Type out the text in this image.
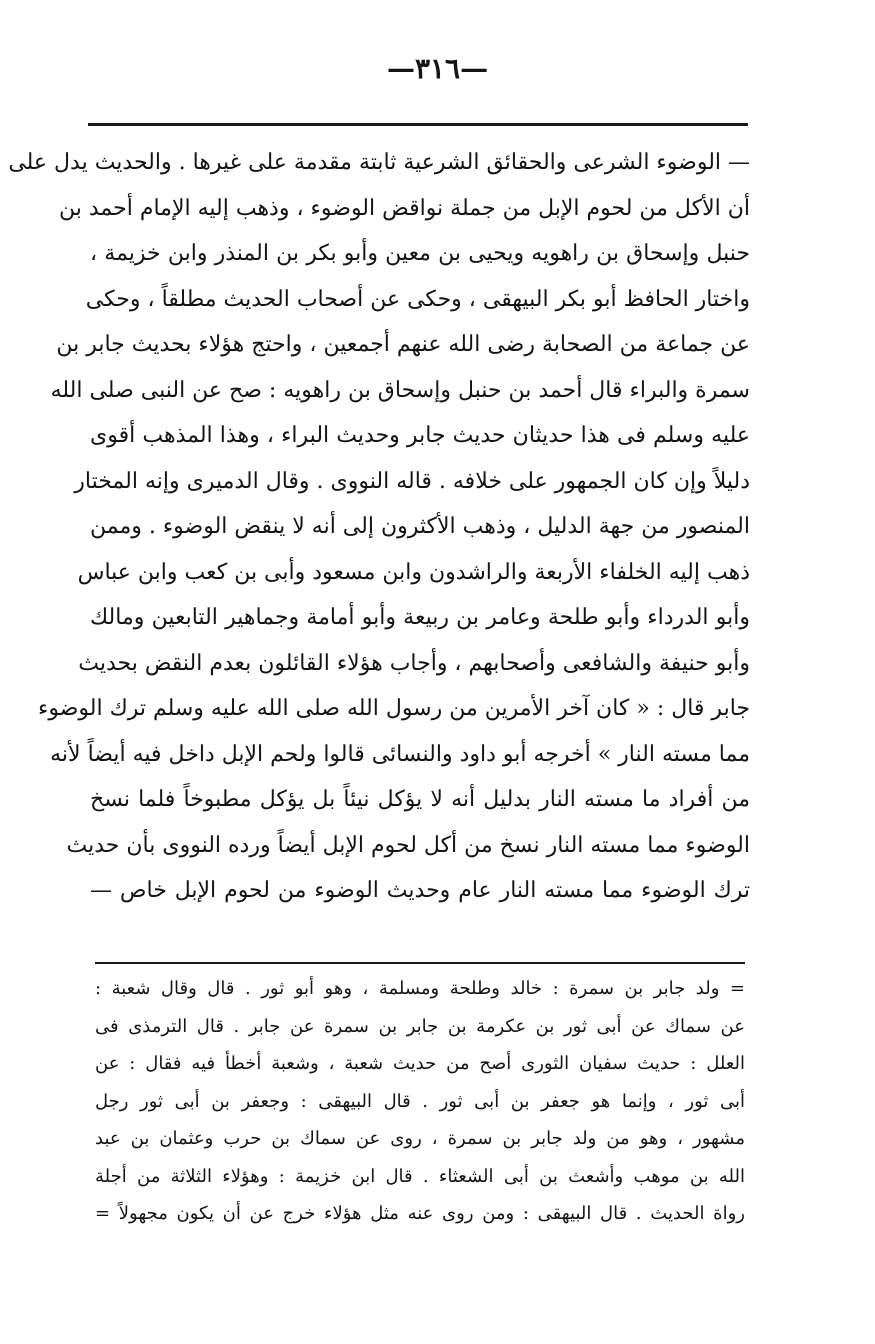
—٣١٦—
— الوضوء الشرعى والحقائق الشرعية ثابتة مقدمة على غيرها . والحديث يدل على
أن الأكل من لحوم الإبل من جملة نواقض الوضوء ، وذهب إليه الإمام أحمد بن
حنبل وإسحاق بن راهويه ويحيى بن معين وأبو بكر بن المنذر وابن خزيمة ،
واختار الحافظ أبو بكر البيهقى ، وحكى عن أصحاب الحديث مطلقاً ، وحكى
عن جماعة من الصحابة رضى الله عنهم أجمعين ، واحتج هؤلاء بحديث جابر بن
سمرة والبراء قال أحمد بن حنبل وإسحاق بن راهويه : صح عن النبى صلى الله
عليه وسلم فى هذا حديثان حديث جابر وحديث البراء ، وهذا المذهب أقوى
دليلاً وإن كان الجمهور على خلافه . قاله النووى . وقال الدميرى وإنه المختار
المنصور من جهة الدليل ، وذهب الأكثرون إلى أنه لا ينقض الوضوء . وممن
ذهب إليه الخلفاء الأربعة والراشدون وابن مسعود وأبى بن كعب وابن عباس
وأبو الدرداء وأبو طلحة وعامر بن ربيعة وأبو أمامة وجماهير التابعين ومالك
وأبو حنيفة والشافعى وأصحابهم ، وأجاب هؤلاء القائلون بعدم النقض بحديث
جابر قال : « كان آخر الأمرين من رسول الله صلى الله عليه وسلم ترك الوضوء
مما مسته النار » أخرجه أبو داود والنسائى قالوا ولحم الإبل داخل فيه أيضاً لأنه
من أفراد ما مسته النار بدليل أنه لا يؤكل نيئاً بل يؤكل مطبوخاً فلما نسخ
الوضوء مما مسته النار نسخ من أكل لحوم الإبل أيضاً ورده النووى بأن حديث
ترك الوضوء مما مسته النار عام وحديث الوضوء من لحوم الإبل خاص —
= ولد جابر بن سمرة : خالد وطلحة ومسلمة ، وهو أبو ثور . قال وقال شعبة :
عن سماك عن أبى ثور بن عكرمة بن جابر بن سمرة عن جابر . قال الترمذى فى
العلل : حديث سفيان الثورى أصح من حديث شعبة ، وشعبة أخطأ فيه فقال : عن
أبى ثور ، وإنما هو جعفر بن أبى ثور . قال البيهقى : وجعفر بن أبى ثور رجل
مشهور ، وهو من ولد جابر بن سمرة ، روى عن سماك بن حرب وعثمان بن عبد
الله بن موهب وأشعث بن أبى الشعثاء . قال ابن خزيمة : وهؤلاء الثلاثة من أجلة
رواة الحديث . قال البيهقى : ومن روى عنه مثل هؤلاء خرج عن أن يكون مجهولاً =
